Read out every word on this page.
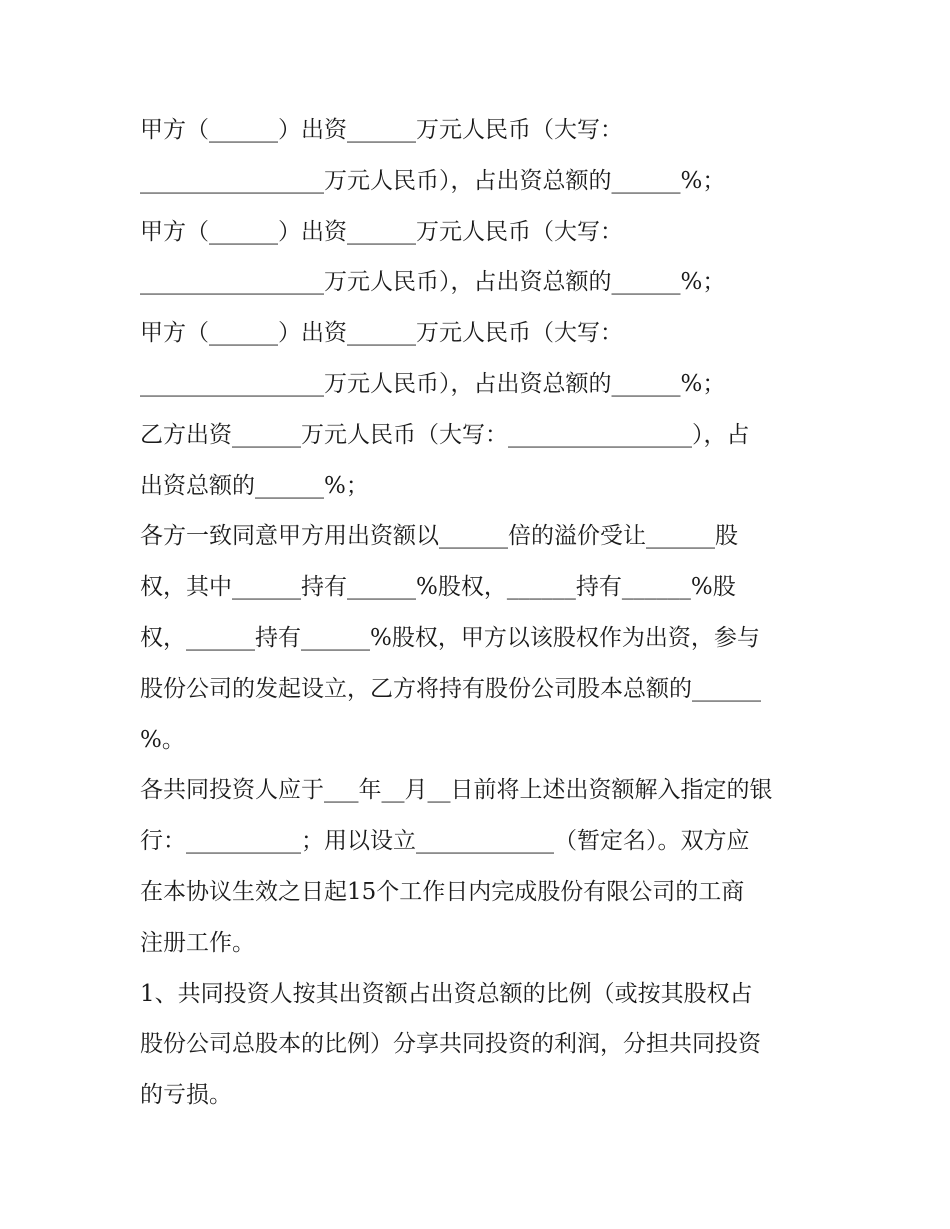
甲方（______）出资______万元人民币（大写：
________________万元人民币），占出资总额的______%；
甲方（______）出资______万元人民币（大写：
________________万元人民币），占出资总额的______%；
甲方（______）出资______万元人民币（大写：
________________万元人民币），占出资总额的______%；
乙方出资______万元人民币（大写：________________），占
出资总额的______%；
各方一致同意甲方用出资额以______倍的溢价受让______股
权，其中______持有______%股权，______持有______%股
权，______持有______%股权，甲方以该股权作为出资，参与
股份公司的发起设立，乙方将持有股份公司股本总额的______
%。
各共同投资人应于___年__月__日前将上述出资额解入指定的银
行：__________；用以设立____________（暂定名）。双方应
在本协议生效之日起15个工作日内完成股份有限公司的工商
注册工作。
1、共同投资人按其出资额占出资总额的比例（或按其股权占
股份公司总股本的比例）分享共同投资的利润，分担共同投资
的亏损。
